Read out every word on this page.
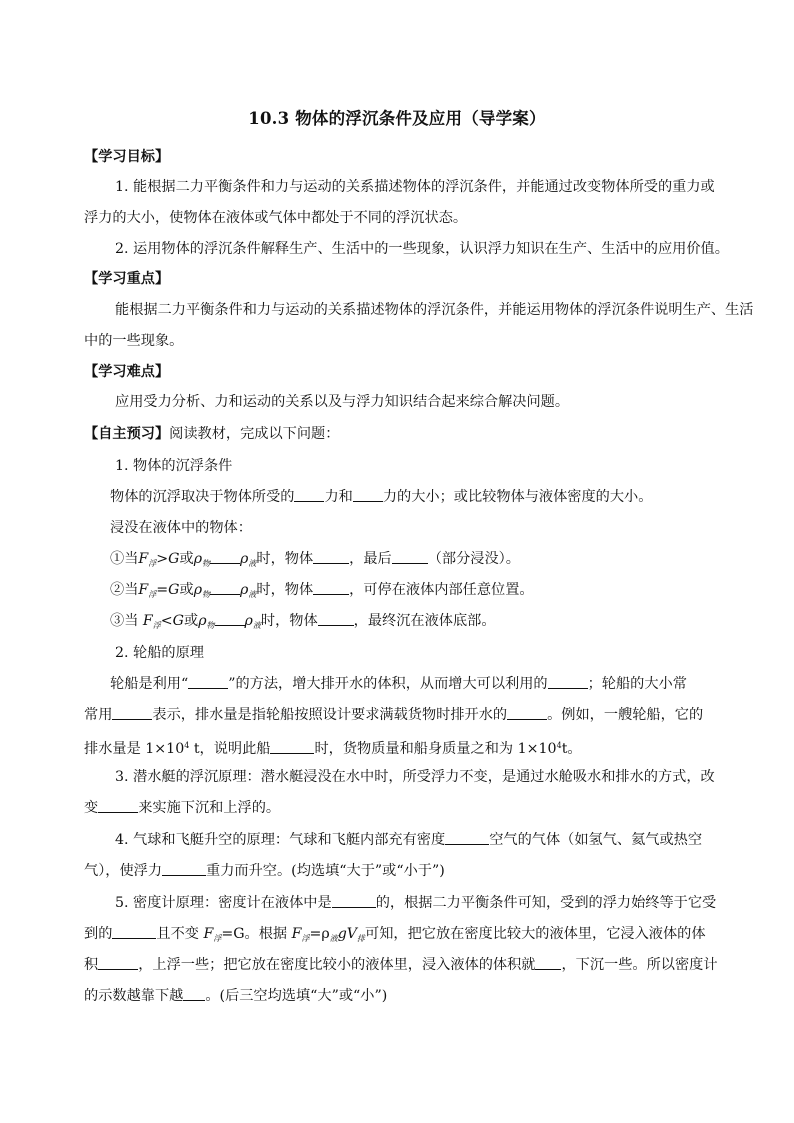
10.3 物体的浮沉条件及应用（导学案）
【学习目标】
1. 能根据二力平衡条件和力与运动的关系描述物体的浮沉条件，并能通过改变物体所受的重力或
浮力的大小，使物体在液体或气体中都处于不同的浮沉状态。
2. 运用物体的浮沉条件解释生产、生活中的一些现象，认识浮力知识在生产、生活中的应用价值。
【学习重点】
能根据二力平衡条件和力与运动的关系描述物体的浮沉条件，并能运用物体的浮沉条件说明生产、生活
中的一些现象。
【学习难点】
应用受力分析、力和运动的关系以及与浮力知识结合起来综合解决问题。
【自主预习】阅读教材，完成以下问题：
1. 物体的沉浮条件
物体的沉浮取决于物体所受的 力和 力的大小；或比较物体与液体密度的大小。
浸没在液体中的物体：
①当$F_浮>G$或$\rho_物$ $\rho_液$时，物体	，最后	（部分浸没）。
②当$F_浮=G$或$\rho_物$ $\rho_液$时，物体	，可停在液体内部任意位置。
③当 $F_浮<G$或$\rho_物$ $\rho_液$时，物体	，最终沉在液体底部。
2. 轮船的原理
轮船是利用“	”的方法，增大排开水的体积，从而增大可以利用的	；轮船的大小常
常用	表示，排水量是指轮船按照设计要求满载货物时排开水的	。例如，一艘轮船，它的
排水量是 $1\times 10^4$ t，说明此船	时，货物质量和船身质量之和为 $1\times 10^4t$。
3. 潜水艇的浮沉原理：潜水艇浸没在水中时，所受浮力不变，是通过水舱吸水和排水的方式，改
变	来实施下沉和上浮的。
4. 气球和飞艇升空的原理：气球和飞艇内部充有密度	空气的气体（如氢气、氦气或热空
气），使浮力	重力而升空。(均选填“大于”或“小于”)
5. 密度计原理：密度计在液体中是	的，根据二力平衡条件可知，受到的浮力始终等于它受
到的	且不变 $F_浮=G$。根据 $F_浮=\rho_液gV_排$可知，把它放在密度比较大的液体里，它浸入液体的体
积	，上浮一些；把它放在密度比较小的液体里，浸入液体的体积就 ，下沉一些。所以密度计
的示数越靠下越 。(后三空均选填“大”或“小”)
